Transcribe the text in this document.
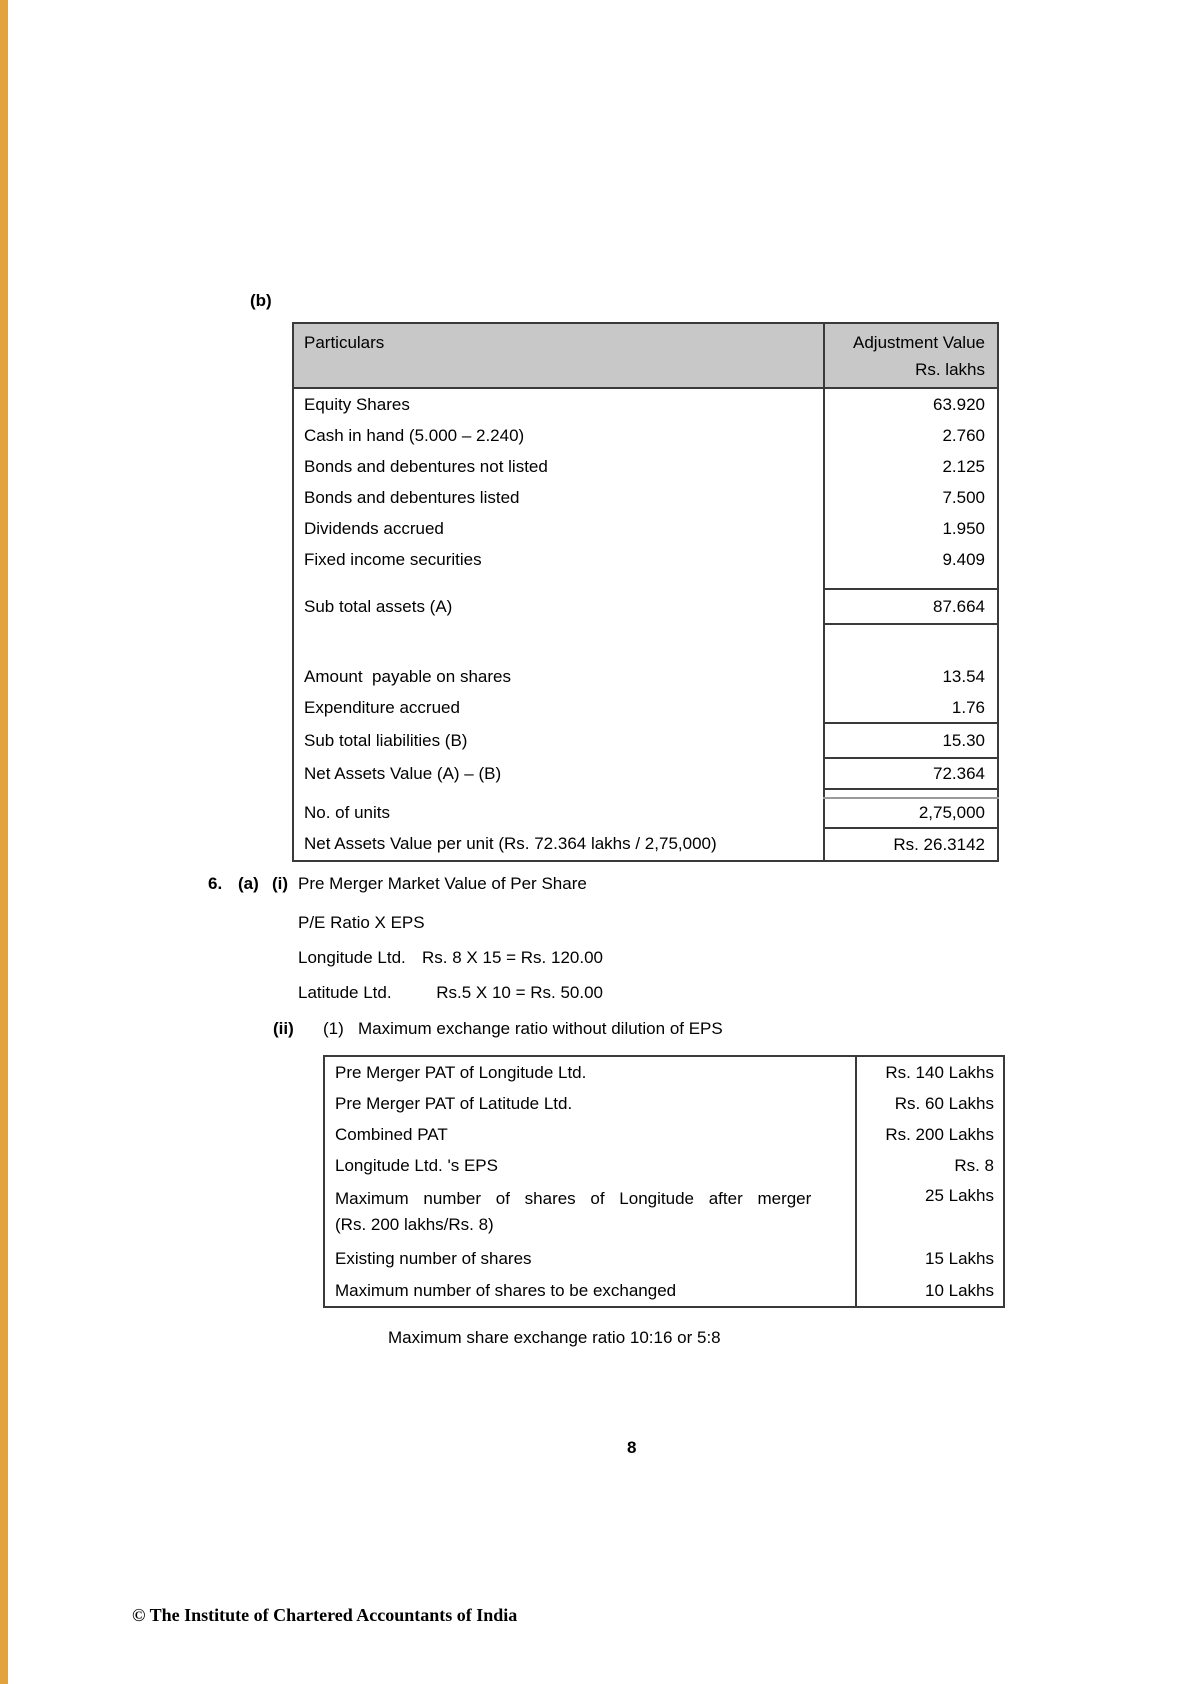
(b)
Particulars	Adjustment Value
Rs. lakhs

Equity Shares	63.920
Cash in hand (5.000 – 2.240)	2.760
Bonds and debentures not listed	2.125
Bonds and debentures listed	7.500
Dividends accrued	1.950
Fixed income securities	9.409
Sub total assets (A)	87.664

Amount  payable on shares	13.54
Expenditure accrued	1.76
Sub total liabilities (B)	15.30
Net Assets Value (A) – (B)	72.364

No. of units	2,75,000
Net Assets Value per unit (Rs. 72.364 lakhs / 2,75,000)	Rs. 26.3142
6. (a) (i) Pre Merger Market Value of Per Share
P/E Ratio X EPS
Longitude Ltd. Rs. 8 X 15 = Rs. 120.00
Latitude Ltd.	Rs.5 X 10 = Rs. 50.00
(ii) (1) Maximum exchange ratio without dilution of EPS
Pre Merger PAT of Longitude Ltd.	Rs. 140 Lakhs
Pre Merger PAT of Latitude Ltd.	Rs. 60 Lakhs
Combined PAT	Rs. 200 Lakhs
Longitude Ltd. 's EPS	Rs. 8

Maximum number of shares of Longitude after merger
(Rs. 200 lakhs/Rs. 8)	25 Lakhs
Existing number of shares	15 Lakhs
Maximum number of shares to be exchanged	10 Lakhs
Maximum share exchange ratio 10:16 or 5:8
8
© The Institute of Chartered Accountants of India
